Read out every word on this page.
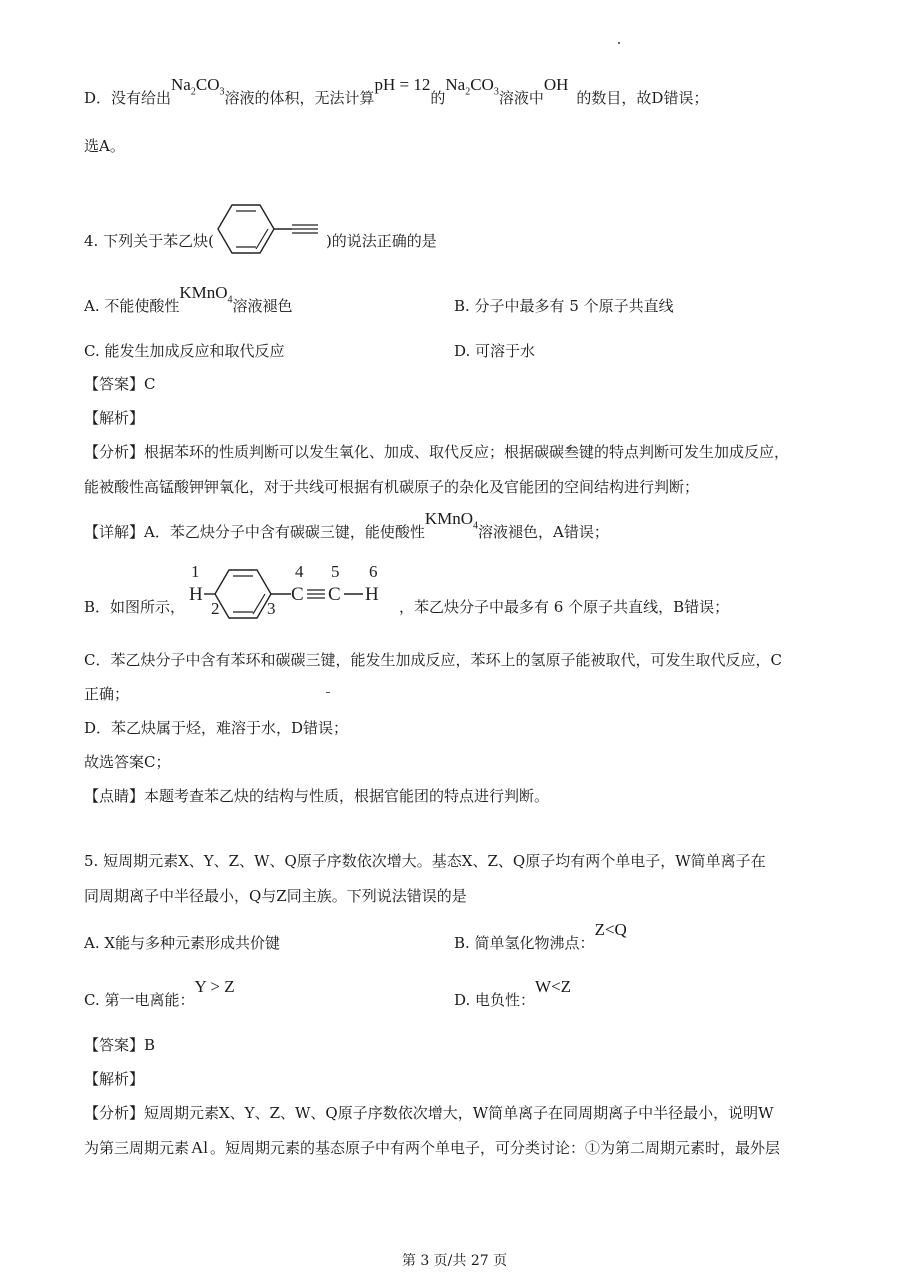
D．没有给出$Na_2CO_3$溶液的体积，无法计算pH = 12的$Na_2CO_3$溶液中OH的数目，故D错误；
选A。
4. 下列关于苯乙炔(	)的说法正确的是
A. 不能使酸性KMnO$_4$溶液褪色	B. 分子中最多有 5 个原子共直线
C. 能发生加成反应和取代反应	D. 可溶于水
【答案】C
【解析】
【分析】根据苯环的性质判断可以发生氧化、加成、取代反应；根据碳碳叁键的特点判断可发生加成反应，
能被酸性高锰酸钾钾氧化，对于共线可根据有机碳原子的杂化及官能团的空间结构进行判断；
【详解】A．苯乙炔分子中含有碳碳三键，能使酸性KMnO$_4$溶液褪色，A错误；
B．如图所示，
1
H
2	3
4
C
5
C
6
H
，苯乙炔分子中最多有 6 个原子共直线，B错误；
C．苯乙炔分子中含有苯环和碳碳三键，能发生加成反应，苯环上的氢原子能被取代，可发生取代反应，C
正确；
D．苯乙炔属于烃，难溶于水，D错误；
故选答案C；
【点睛】本题考查苯乙炔的结构与性质，根据官能团的特点进行判断。
5. 短周期元素X、Y、Z、W、Q原子序数依次增大。基态X、Z、Q原子均有两个单电子，W简单离子在
同周期离子中半径最小，Q与Z同主族。下列说法错误的是
A. X能与多种元素形成共价键	B. 简单氢化物沸点：Z<Q
C. 第一电离能：Y > Z
D. 电负性：W<Z
【答案】B
【解析】
【分析】短周期元素X、Y、Z、W、Q原子序数依次增大，W简单离子在同周期离子中半径最小，说明W
为第三周期元素 Al 。短周期元素的基态原子中有两个单电子，可分类讨论：①为第二周期元素时，最外层
第 3 页/共 27 页
